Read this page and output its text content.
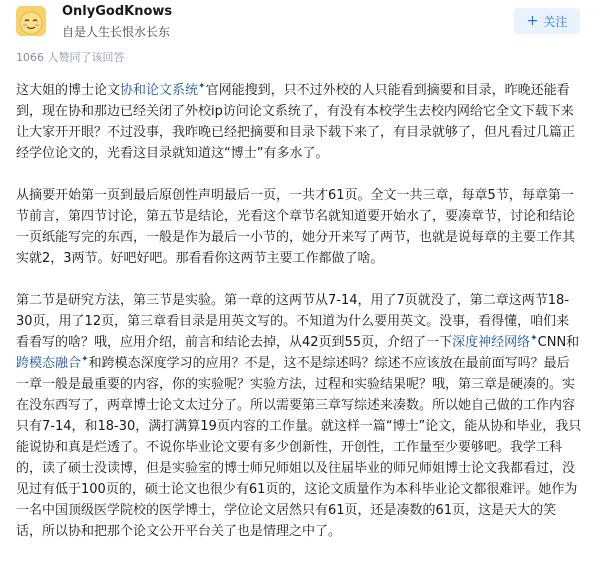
OnlyGodKnows
自是人生长恨水长东
+ 关注
1066 人赞同了该回答

这大姐的博士论文协和论文系统✦官网能搜到，只不过外校的人只能看到摘要和目录，昨晚还能看到，现在协和那边已经关闭了外校ip访问论文系统了，有没有本校学生去校内网给它全文下载下来让大家开开眼？不过没事，我昨晚已经把摘要和目录下载下来了，有目录就够了，但凡看过几篇正经学位论文的，光看这目录就知道这“博士”有多水了。

从摘要开始第一页到最后原创性声明最后一页，一共才61页。全文一共三章，每章5节，每章第一节前言，第四节讨论，第五节是结论，光看这个章节名就知道要开始水了，要凑章节，讨论和结论一页纸能写完的东西，一般是作为最后一小节的，她分开来写了两节，也就是说每章的主要工作其实就2，3两节。好吧好吧。那看看你这两节主要工作都做了啥。

第二节是研究方法，第三节是实验。第一章的这两节从7-14，用了7页就没了，第二章这两节18-30页，用了12页，第三章看目录是用英文写的。不知道为什么要用英文。没事，看得懂，咱们来看看写的啥？哦，应用介绍，前言和结论去掉，从42页到55页，介绍了一下深度神经网络✦CNN和跨模态融合✦和跨模态深度学习的应用？不是，这不是综述吗？综述不应该放在最前面写吗？最后一章一般是最重要的内容，你的实验呢？实验方法，过程和实验结果呢？哦，第三章是硬凑的。实在没东西写了，两章博士论文太过分了。所以需要第三章写综述来凑数。所以她自己做的工作内容只有7-14，和18-30，满打满算19页内容的工作量。就这样一篇“博士”论文，能从协和毕业，我只能说协和真是烂透了。不说你毕业论文要有多少创新性，开创性，工作量至少要够吧。我学工科的，读了硕士没读博，但是实验室的博士师兄师姐以及往届毕业的师兄师姐博士论文我都看过，没见过有低于100页的，硕士论文也很少有61页的，这论文质量作为本科毕业论文都很难评。她作为一名中国顶级医学院校的医学博士，学位论文居然只有61页，还是凑数的61页，这是天大的笑话，所以协和把那个论文公开平台关了也是情理之中了。
